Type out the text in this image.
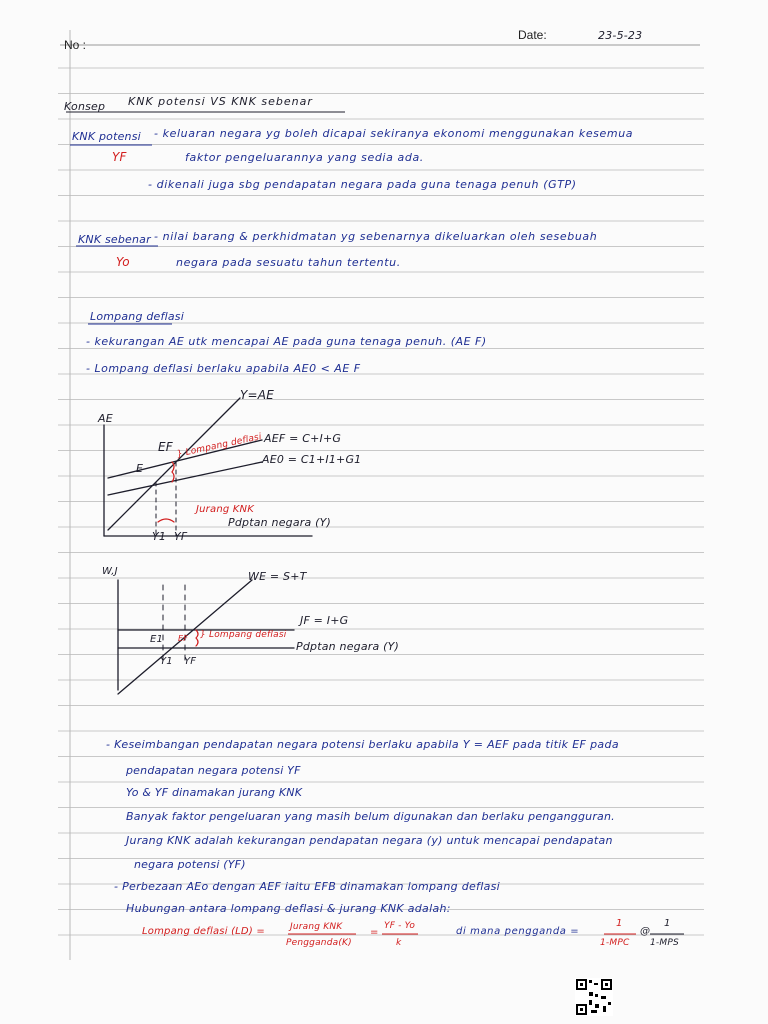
No :
Date:	23-5-23
Konsep KNK potensi VS KNK sebenar
KNK potensi
YF
- keluaran negara yg boleh dicapai sekiranya ekonomi menggunakan kesemua
faktor pengeluarannya yang sedia ada.
- dikenali juga sbg pendapatan negara pada guna tenaga penuh (GTP)
KNK sebenar
Yo
- nilai barang & perkhidmatan yg sebenarnya dikeluarkan oleh sesebuah
negara pada sesuatu tahun tertentu.
Lompang deflasi
- kekurangan AE utk mencapai AE pada guna tenaga penuh. (AE F)
- Lompang deflasi berlaku apabila AE0 < AE F
Y=AE
AE
EF
E
AEF = C+I+G
AE0 = C1+I1+G1
} Lompang deflasi
Jurang KNK
Pdptan negara (Y)
Y1 YF
W,J	WE = S+T
JF = I+G
E1 EF } Lompang deflasi
Pdptan negara (Y)
Y1 YF
- Keseimbangan pendapatan negara potensi berlaku apabila Y = AEF pada titik EF pada
pendapatan negara potensi YF
Yo & YF dinamakan jurang KNK
Banyak faktor pengeluaran yang masih belum digunakan dan berlaku pengangguran.
Jurang KNK adalah kekurangan pendapatan negara (y) untuk mencapai pendapatan
negara potensi (YF)
- Perbezaan AEo dengan AEF iaitu EFB dinamakan lompang deflasi
Hubungan antara lompang deflasi & jurang KNK adalah:
Lompang deflasi (LD) =	Jurang KNK
Pengganda(K)
=
YF - Yo
k
di mana pengganda =
1
1-MPC
@
1
1-MPS
